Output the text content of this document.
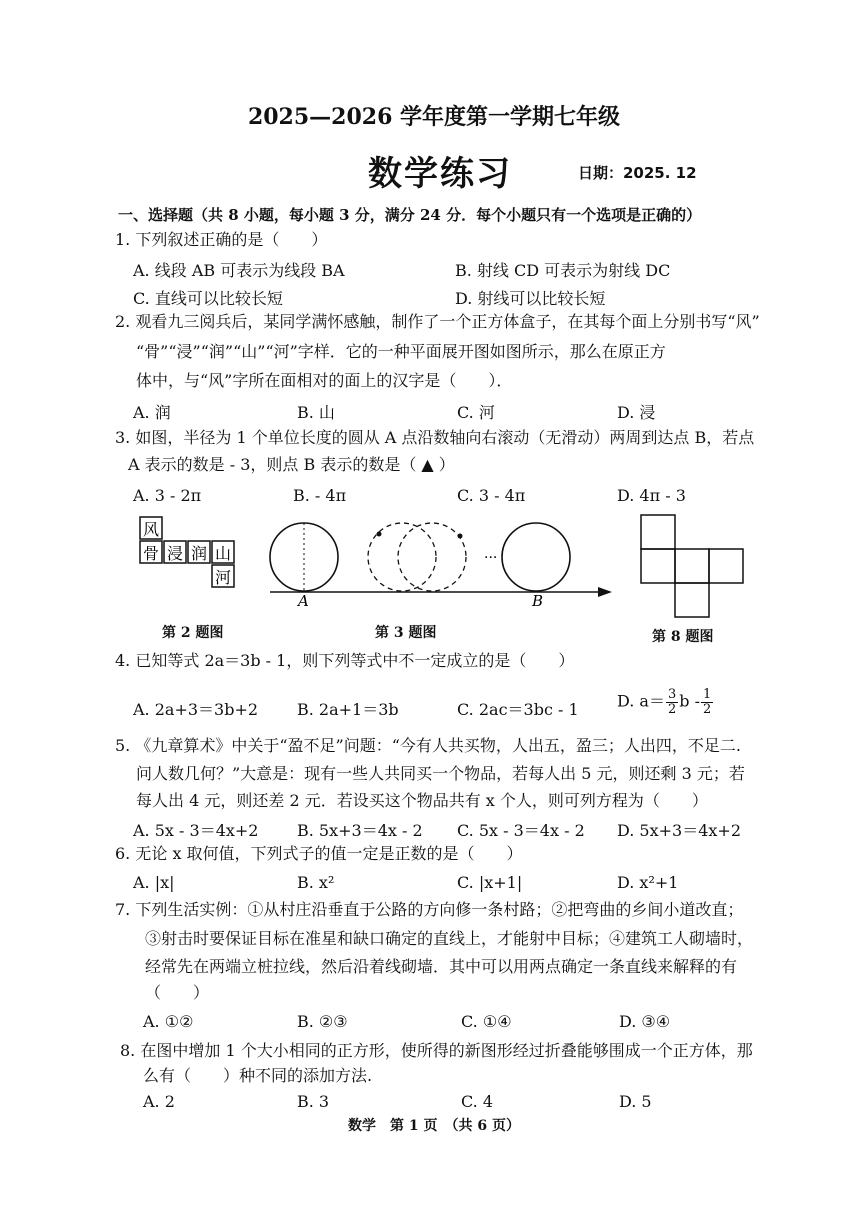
2025—2026 学年度第一学期七年级
数学练习	日期：2025. 12
一、选择题（共 8 小题，每小题 3 分，满分 24 分．每个小题只有一个选项是正确的）
1. 下列叙述正确的是（　　）
A. 线段 AB 可表示为线段 BA	B. 射线 CD 可表示为射线 DC
C. 直线可以比较长短	D. 射线可以比较长短
2. 观看九三阅兵后，某同学满怀感触，制作了一个正方体盒子，在其每个面上分别书写“风”
“骨”“浸”“润”“山”“河”字样．它的一种平面展开图如图所示，那么在原正方
体中，与“风”字所在面相对的面上的汉字是（　　）．
A. 润	B. 山	C. 河	D. 浸
3. 如图，半径为 1 个单位长度的圆从 A 点沿数轴向右滚动（无滑动）两周到达点 B，若点
A 表示的数是 - 3，则点 B 表示的数是（ ▲ ）
A. 3 - 2π	B. - 4π	C. 3 - 4π	D. 4π - 3
风
骨 浸 润 山
河
第 2 题图
···
A	B
第 3 题图	第 8 题图
4. 已知等式 2a＝3b - 1，则下列等式中不一定成立的是（　　）
A. 2a+3＝3b+2 B. 2a+1＝3b	C. 2ac＝3bc - 1 D. $a= \frac{3}{2}$ b - $\frac{1}{2}$
5. 《九章算术》中关于“盈不足”问题：“今有人共买物，人出五，盈三；人出四，不足二.
问人数几何？”大意是：现有一些人共同买一个物品，若每人出 5 元，则还剩 3 元；若
每人出 4 元，则还差 2 元．若设买这个物品共有 x 个人，则可列方程为（　　）
A. 5x - 3＝4x+2 B. 5x+3＝4x - 2 C. 5x - 3＝4x - 2 D. 5x+3＝4x+2
6. 无论 x 取何值，下列式子的值一定是正数的是（　　）
A. |x|	B. x²	C. |x+1|	D. x²+1
7. 下列生活实例：①从村庄沿垂直于公路的方向修一条村路；②把弯曲的乡间小道改直；
③射击时要保证目标在准星和缺口确定的直线上，才能射中目标；④建筑工人砌墙时，
经常先在两端立桩拉线，然后沿着线砌墙．其中可以用两点确定一条直线来解释的有
（　　）
A. ①②	B. ②③	C. ①④	D. ③④
8. 在图中增加 1 个大小相同的正方形，使所得的新图形经过折叠能够围成一个正方体，那
么有（　　）种不同的添加方法.
A. 2	B. 3	C. 4	D. 5
数学　第 1 页　（共 6 页）
